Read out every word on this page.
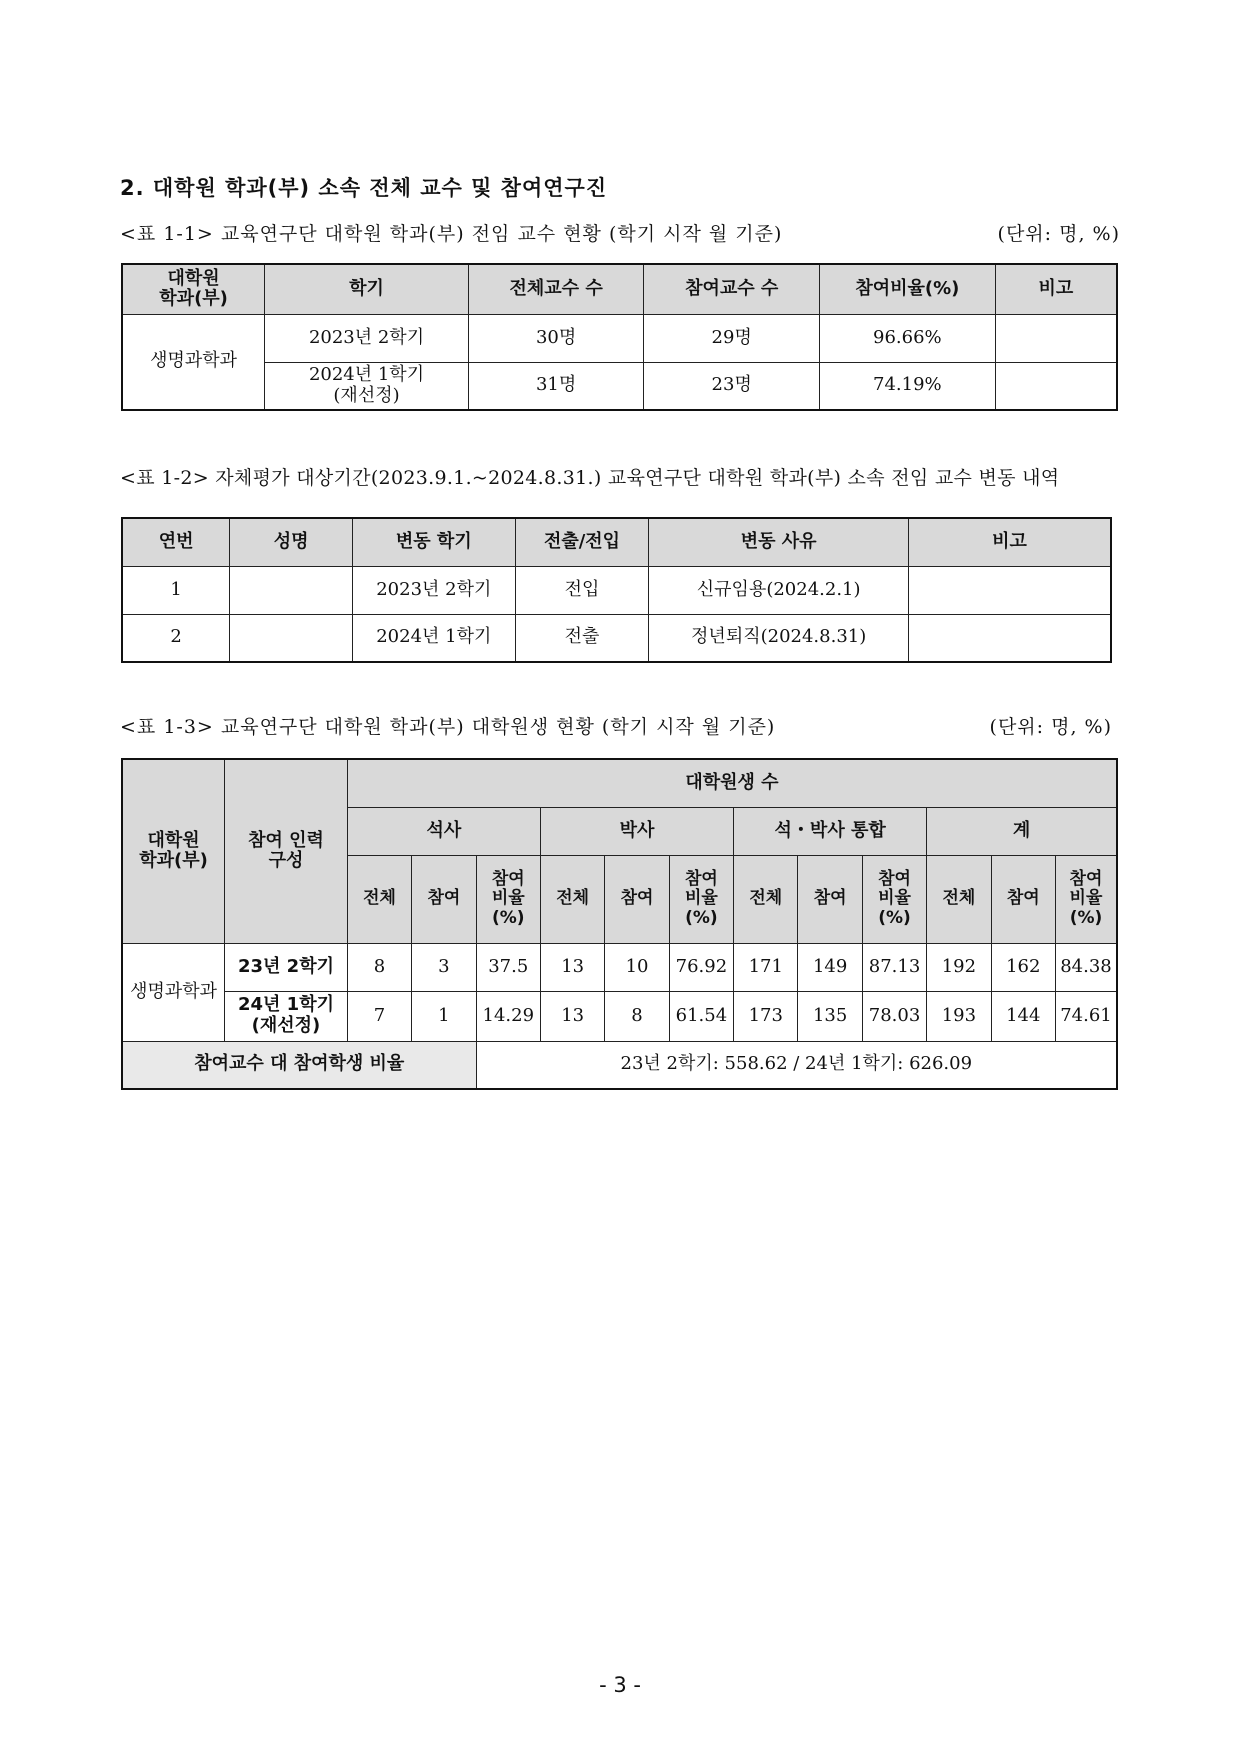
2. 대학원 학과(부) 소속 전체 교수 및 참여연구진
<표 1-1> 교육연구단 대학원 학과(부) 전임 교수 현황 (학기 시작 월 기준)	(단위: 명, %)
대학원
학과(부)	학기	전체교수 수	참여교수 수	참여비율(%)	비고
생명과학과	2023년 2학기	30명	29명	96.66%	
	2024년 1학기
(재선정)	31명	23명	74.19%	
<표 1-2> 자체평가 대상기간(2023.9.1.~2024.8.31.) 교육연구단 대학원 학과(부) 소속 전임 교수 변동 내역
연번	성명	변동 학기	전출/전입	변동 사유	비고
1		2023년 2학기	전입	신규임용(2024.2.1)	
2		2024년 1학기	전출	정년퇴직(2024.8.31)	
<표 1-3> 교육연구단 대학원 학과(부) 대학원생 현황 (학기 시작 월 기준)	(단위: 명, %)
대학원
학과(부)	참여 인력
구성	대학원생 수											
		석사			박사			석・박사 통합			계		
		전체	참여	참여
비율
(%)	전체	참여	참여
비율
(%)	전체	참여	참여
비율
(%)	전체	참여	참여
비율
(%)
생명과학과	23년 2학기	8	3	37.5	13	10	76.92	171	149	87.13	192	162	84.38
	24년 1학기
(재선정)	7	1	14.29	13	8	61.54	173	135	78.03	193	144	74.61
참여교수 대 참여학생 비율				23년 2학기: 558.62 / 24년 1학기: 626.09									
- 3 -
